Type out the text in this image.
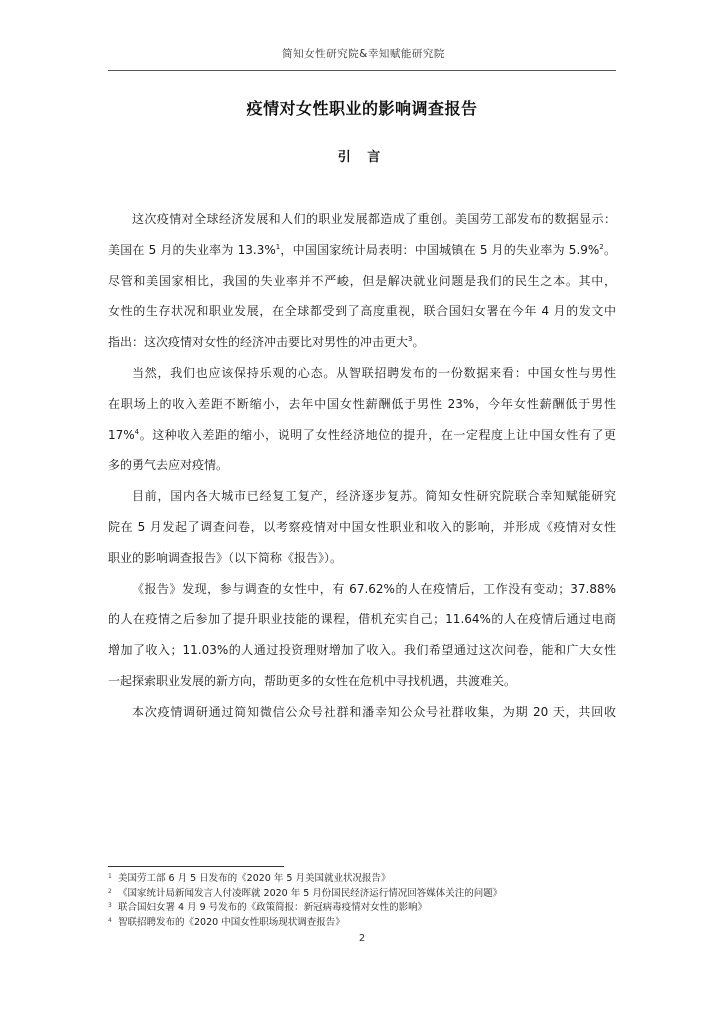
简知女性研究院&幸知赋能研究院
疫情对女性职业的影响调查报告
引 言
这次疫情对全球经济发展和人们的职业发展都造成了重创。美国劳工部发布的数据显示：
美国在 5 月的失业率为 13.3%$^1$，中国国家统计局表明：中国城镇在 5 月的失业率为 5.9%$^2$。
尽管和美国家相比，我国的失业率并不严峻，但是解决就业问题是我们的民生之本。其中，
女性的生存状况和职业发展，在全球都受到了高度重视，联合国妇女署在今年 4 月的发文中
指出：这次疫情对女性的经济冲击要比对男性的冲击更大$^3$。
当然，我们也应该保持乐观的心态。从智联招聘发布的一份数据来看：中国女性与男性
在职场上的收入差距不断缩小，去年中国女性薪酬低于男性 23%，今年女性薪酬低于男性
17%$^4$。这种收入差距的缩小，说明了女性经济地位的提升，在一定程度上让中国女性有了更
多的勇气去应对疫情。
目前，国内各大城市已经复工复产，经济逐步复苏。简知女性研究院联合幸知赋能研究
院在 5 月发起了调查问卷，以考察疫情对中国女性职业和收入的影响，并形成《疫情对女性
职业的影响调查报告》（以下简称《报告》）。
《报告》发现，参与调查的女性中，有 67.62%的人在疫情后，工作没有变动；37.88%
的人在疫情之后参加了提升职业技能的课程，借机充实自己；11.64%的人在疫情后通过电商
增加了收入；11.03%的人通过投资理财增加了收入。我们希望通过这次问卷，能和广大女性
一起探索职业发展的新方向，帮助更多的女性在危机中寻找机遇，共渡难关。
本次疫情调研通过简知微信公众号社群和潘幸知公众号社群收集，为期 20 天，共回收
1 美国劳工部 6 月 5 日发布的《2020 年 5 月美国就业状况报告》
2 《国家统计局新闻发言人付凌晖就 2020 年 5 月份国民经济运行情况回答媒体关注的问题》
3 联合国妇女署 4 月 9 号发布的《政策简报：新冠病毒疫情对女性的影响》
4 智联招聘发布的《2020 中国女性职场现状调查报告》
2
